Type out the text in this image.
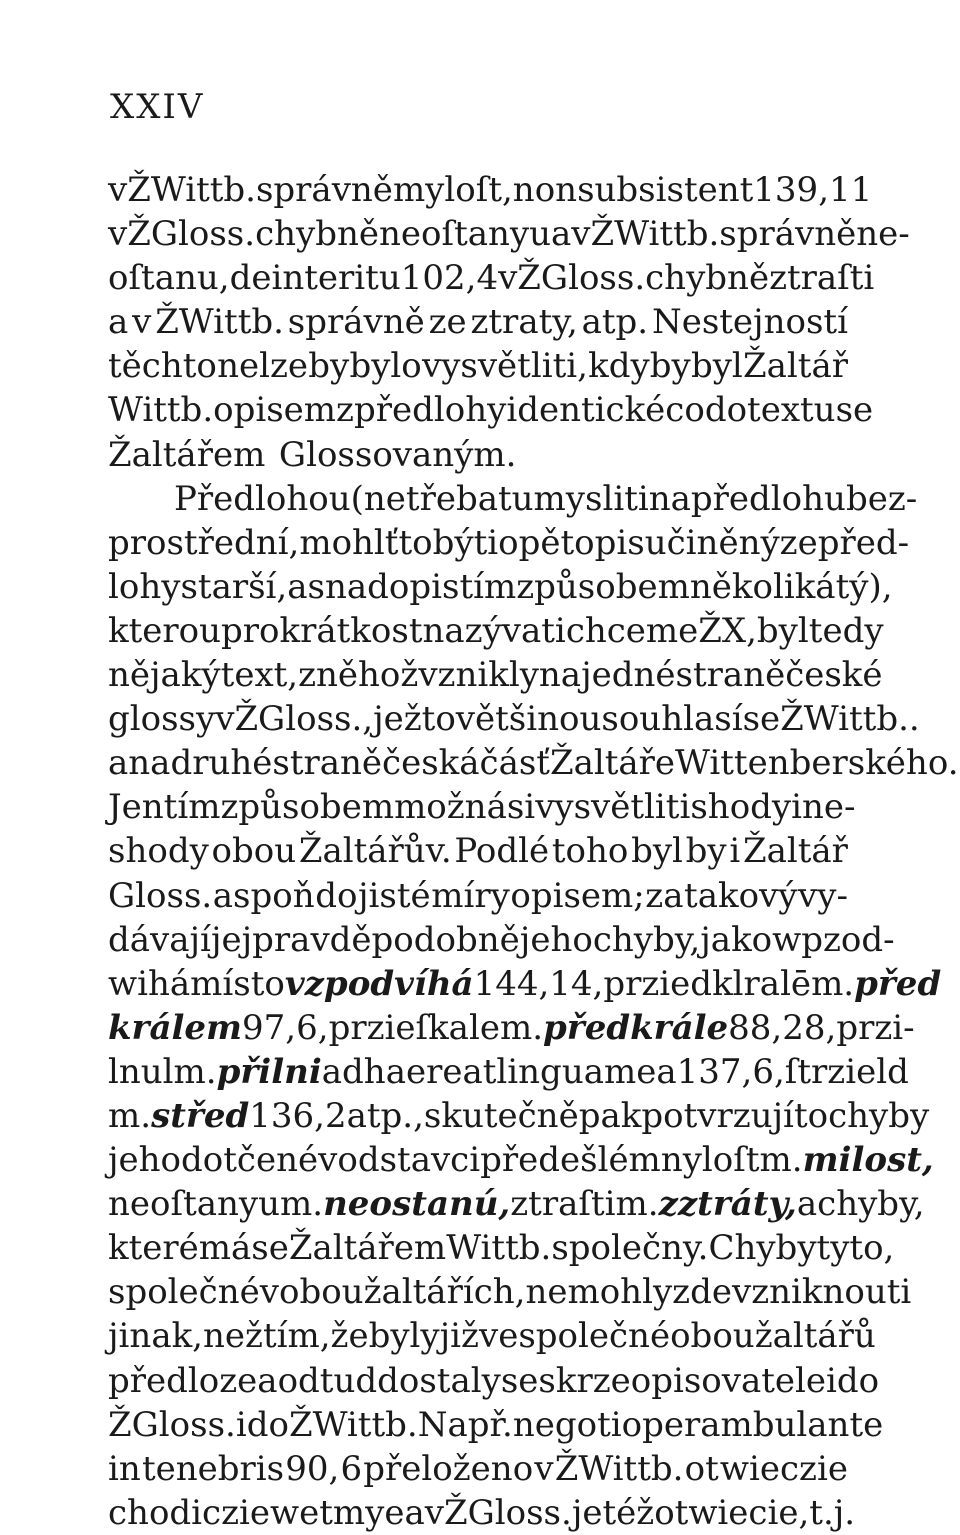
XXIV
v ŽWittb. správně myloſt, non subsistent 139, 11
v ŽGloss. chybně neoſtanyu a v ŽWittb. správně ne-
oſtanu, de interitu 102, 4 v ŽGloss. chybně ztraſti
a v ŽWittb. správně ze ztraty, atp. Nestejností
těchto nelze by bylo vysvětliti, kdyby byl Žaltář
Wittb. opisem z předlohy identické co do textu se
Žaltářem Glossovaným.
Předlohou (netřeba tu mysliti na předlohu bez-
prostřední, mohlť to býti opět opis učiněný ze před-
lohy starší, a snad opis tím způsobem několikátý),
kterou pro krátkost nazývati chceme ŽX, byl tedy
nějaký text, z něhož vznikly na jedné straně české
glossy v ŽGloss., ježto většinou souhlasí se ŽWittb..
a na druhé straně česká čásť Žaltáře Wittenberského.
Jen tím způsobem možná si vysvětliti shody i ne-
shody obou Žaltářův. Podlé toho byl by i Žaltář
Gloss. aspoň do jisté míry opisem; za takový vy-
dávají jej pravděpodobně jeho chyby, jako wpzod-
wihá místo vzpodvíhá 144, 14, przied klralē m. před
králem 97, 6, przieſkale m. před krále 88, 28, przi-
lnul m. přilni adhaereat lingua mea 137, 6, ſtrzield
m. střed 136, 2 atp., skutečně pak potvrzují to chyby
jeho dotčené v odstavci předešlém nyloſt m. milost,
neoſtanyu m. neostanú, ztraſti m. z ztráty, a chyby,
které má se Žaltářem Wittb. společny. Chyby tyto,
společné v obou žaltářích, nemohly zde vzniknouti
jinak, než tím, že byly již ve společné obou žaltářů
předloze a odtud dostaly se skrze opisovatele i do
ŽGloss. i do ŽWittb. Na př. negotio perambulante
in tenebris 90, 6 přeloženo v ŽWittb. ot wieczie
chodiczie we tmye a v ŽGloss. je též ot wiecie, t. j.
